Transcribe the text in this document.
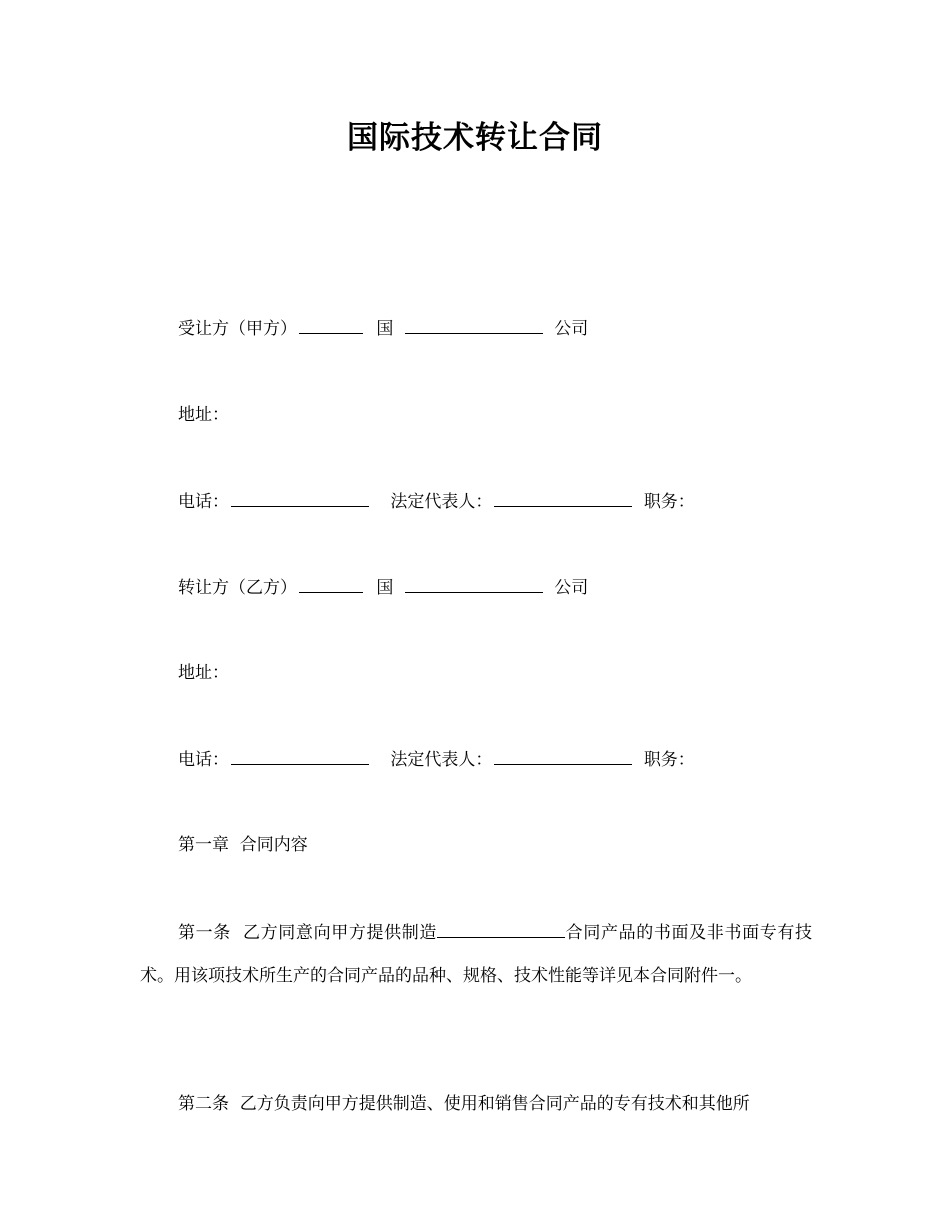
国际技术转让合同
受让方（甲方）	国	公司
地址：
电话：	法定代表人：	职务：
转让方（乙方）	国	公司
地址：
电话：	法定代表人：	职务：
第一章  合同内容

第一条  乙方同意向甲方提供制造	合同产品的书面及非书面专有技术。用该项技术所生产的合同产品的品种、规格、技术性能等详见本合同附件一。

第二条  乙方负责向甲方提供制造、使用和销售合同产品的专有技术和其他所
